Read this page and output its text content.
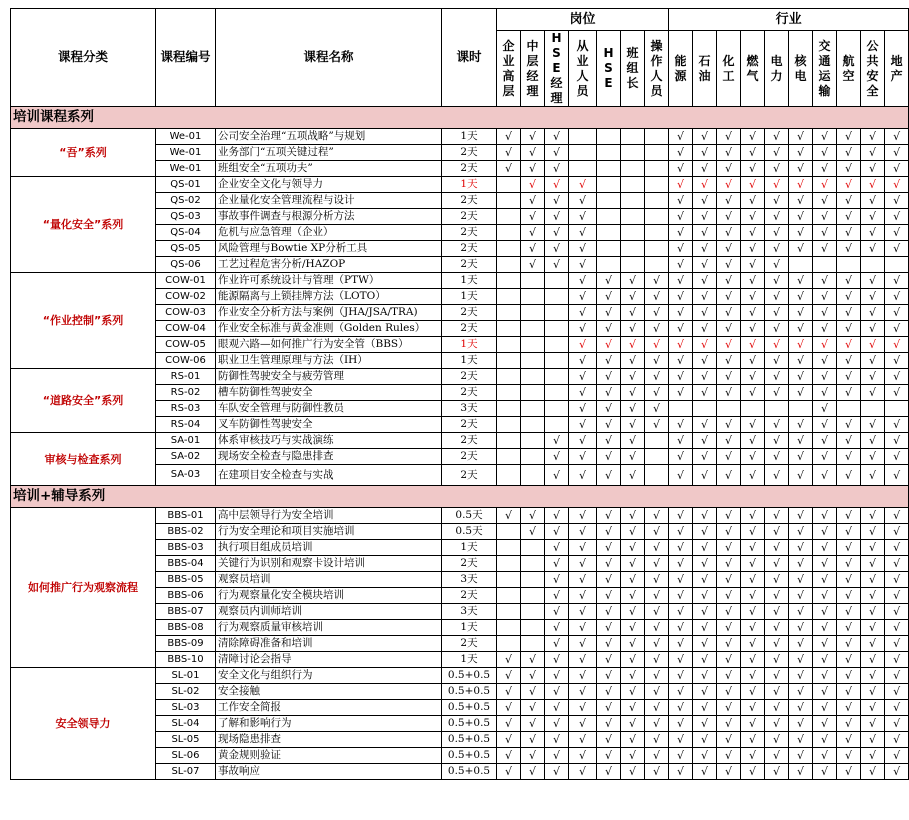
课程分类	课程编号	课程名称	课时	岗位							行业									

				企
业
高
层	中
层
经
理	H
S
E
经
理	从
业
人
员	H
S
E	班
组
长	操
作
人
员	能
源	石
油	化
工	燃
气	电
力	核
电	交
通
运
输	航
空	公
共
安
全	地
产

培训课程系列																				
“吾”系列	We-01	公司安全治理“五项战略”与规划	1天	√	√	√					√	√	√	√	√	√	√	√	√	√
	We-01	业务部门“五项关键过程”	2天	√	√	√					√	√	√	√	√	√	√	√	√	√
	We-01	班组安全“五项功夫”	2天	√	√	√					√	√	√	√	√	√	√	√	√	√
“量化安全”系列	QS-01	企业安全文化与领导力	1天		√	√	√				√	√	√	√	√	√	√	√	√	√
	QS-02	企业量化安全管理流程与设计	2天		√	√	√				√	√	√	√	√	√	√	√	√	√
	QS-03	事故事件调查与根源分析方法	2天		√	√	√				√	√	√	√	√	√	√	√	√	√
	QS-04	危机与应急管理（企业）	2天		√	√	√				√	√	√	√	√	√	√	√	√	√
	QS-05	风险管理与Bowtie XP分析工具	2天		√	√	√				√	√	√	√	√	√	√	√	√	√
	QS-06	工艺过程危害分析/HAZOP	2天		√	√	√				√	√	√	√	√					
“作业控制”系列	COW-01	作业许可系统设计与管理（PTW）	1天				√	√	√	√	√	√	√	√	√	√	√	√	√	√
	COW-02	能源隔离与上锁挂牌方法（LOTO）	1天				√	√	√	√	√	√	√	√	√	√	√	√	√	√
	COW-03	作业安全分析方法与案例（JHA/JSA/TRA)	2天				√	√	√	√	√	√	√	√	√	√	√	√	√	√
	COW-04	作业安全标准与黄金准则（Golden Rules）	2天				√	√	√	√	√	√	√	√	√	√	√	√	√	√
	COW-05	眼观六路—如何推广行为安全管（BBS）	1天				√	√	√	√	√	√	√	√	√	√	√	√	√	√
	COW-06	职业卫生管理原理与方法（IH）	1天				√	√	√	√	√	√	√	√	√	√	√	√	√	√
“道路安全”系列	RS-01	防御性驾驶安全与疲劳管理	2天				√	√	√	√	√	√	√	√	√	√	√	√	√	√
	RS-02	槽车防御性驾驶安全	2天				√	√	√	√	√	√	√	√	√	√	√	√	√	√
	RS-03	车队安全管理与防御性教员	3天				√	√	√	√							√			
	RS-04	叉车防御性驾驶安全	2天				√	√	√	√	√	√	√	√	√	√	√	√	√	√
审核与检查系列	SA-01	体系审核技巧与实战演练	2天			√	√	√	√		√	√	√	√	√	√	√	√	√	√
	SA-02	现场安全检查与隐患排查	2天			√	√	√	√		√	√	√	√	√	√	√	√	√	√
	SA-03	在建项目安全检查与实战	2天			√	√	√	√		√	√	√	√	√	√	√	√	√	√
培训+辅导系列																				
如何推广行为观察流程	BBS-01	高中层领导行为安全培训	0.5天	√	√	√	√	√	√	√	√	√	√	√	√	√	√	√	√	√
	BBS-02	行为安全理论和项目实施培训	0.5天		√	√	√	√	√	√	√	√	√	√	√	√	√	√	√	√
	BBS-03	执行项目组成员培训	1天			√	√	√	√	√	√	√	√	√	√	√	√	√	√	√
	BBS-04	关键行为识别和观察卡设计培训	2天			√	√	√	√	√	√	√	√	√	√	√	√	√	√	√
	BBS-05	观察员培训	3天			√	√	√	√	√	√	√	√	√	√	√	√	√	√	√
	BBS-06	行为观察量化安全模块培训	2天			√	√	√	√	√	√	√	√	√	√	√	√	√	√	√
	BBS-07	观察员内训师培训	3天			√	√	√	√	√	√	√	√	√	√	√	√	√	√	√
	BBS-08	行为观察质量审核培训	1天			√	√	√	√	√	√	√	√	√	√	√	√	√	√	√
	BBS-09	清除障碍准备和培训	2天			√	√	√	√	√	√	√	√	√	√	√	√	√	√	√
	BBS-10	清障讨论会指导	1天	√	√	√	√	√	√	√	√	√	√	√	√	√	√	√	√	√
安全领导力	SL-01	安全文化与组织行为	0.5+0.5	√	√	√	√	√	√	√	√	√	√	√	√	√	√	√	√	√
	SL-02	安全接触	0.5+0.5	√	√	√	√	√	√	√	√	√	√	√	√	√	√	√	√	√
	SL-03	工作安全简报	0.5+0.5	√	√	√	√	√	√	√	√	√	√	√	√	√	√	√	√	√
	SL-04	了解和影响行为	0.5+0.5	√	√	√	√	√	√	√	√	√	√	√	√	√	√	√	√	√
	SL-05	现场隐患排查	0.5+0.5	√	√	√	√	√	√	√	√	√	√	√	√	√	√	√	√	√
	SL-06	黄金规则验证	0.5+0.5	√	√	√	√	√	√	√	√	√	√	√	√	√	√	√	√	√
	SL-07	事故响应	0.5+0.5	√	√	√	√	√	√	√	√	√	√	√	√	√	√	√	√	√
